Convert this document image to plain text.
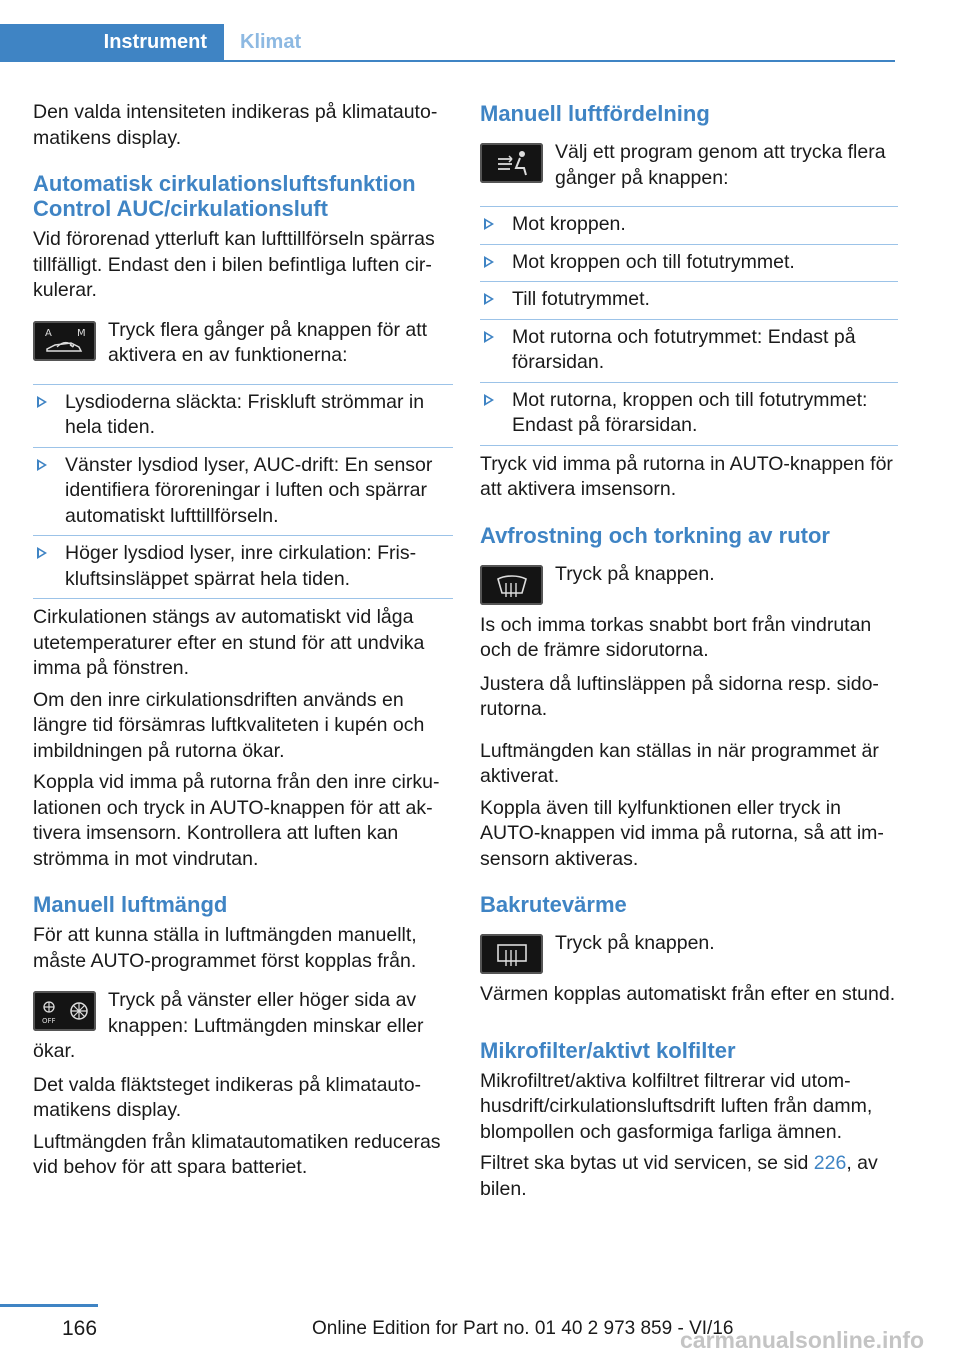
Instrument	Klimat

Den valda intensiteten indikeras på klimatautomatikens display.

Automatisk cirkulationsluftsfunktion Control AUC/cirkulationsluft

Vid förorenad ytterluft kan lufttillförseln spärras tillfälligt. Endast den i bilen befintliga luften cirkulerar.

A	M	Tryck flera gånger på knappen för att aktivera en av funktionerna:
Lysdioderna släckta: Friskluft strömmar in hela tiden.
Vänster lysdiod lyser, AUC-drift: En sensor identifiera föroreningar i luften och spärrar automatiskt lufttillförseln.
Höger lysdiod lyser, inre cirkulation: Friskluftsinsläppet spärrat hela tiden.

Cirkulationen stängs av automatiskt vid låga utetemperaturer efter en stund för att undvika imma på fönstren.

Om den inre cirkulationsdriften används en längre tid försämras luftkvaliteten i kupén och imbildningen på rutorna ökar.

Koppla vid imma på rutorna från den inre cirkulationen och tryck in AUTO-knappen för att aktivera imsensorn. Kontrollera att luften kan strömma in mot vindrutan.

Manuell luftmängd

För att kunna ställa in luftmängden manuellt, måste AUTO-programmet först kopplas från.

OFF
Tryck på vänster eller höger sida av knappen: Luftmängden minskar eller ökar.

Det valda fläktsteget indikeras på klimatautomatikens display.

Luftmängden från klimatautomatiken reduceras vid behov för att spara batteriet.

Manuell luftfördelning
Välj ett program genom att trycka flera gånger på knappen:
Mot kroppen.
Mot kroppen och till fotutrymmet.
Till fotutrymmet.
Mot rutorna och fotutrymmet: Endast på förarsidan.
Mot rutorna, kroppen och till fotutrymmet: Endast på förarsidan.

Tryck vid imma på rutorna in AUTO-knappen för att aktivera imsensorn.

Avfrostning och torkning av rutor
Tryck på knappen.

Is och imma torkas snabbt bort från vindrutan och de främre sidorutorna.

Justera då luftinsläppen på sidorna resp. sidorutorna.

Luftmängden kan ställas in när programmet är aktiverat.

Koppla även till kylfunktionen eller tryck in AUTO-knappen vid imma på rutorna, så att imsensorn aktiveras.

Bakrutevärme
Tryck på knappen.

Värmen kopplas automatiskt från efter en stund.
Mikrofilter/aktivt kolfilter

Mikrofiltret/aktiva kolfiltret filtrerar vid utomhusdrift/cirkulationsluftsdrift luften från damm, blompollen och gasformiga farliga ämnen.

Filtret ska bytas ut vid servicen, se sid 226, av bilen.

166	Online Edition for Part no. 01 40 2 973 859 - VI/16
carmanualsonline.info
